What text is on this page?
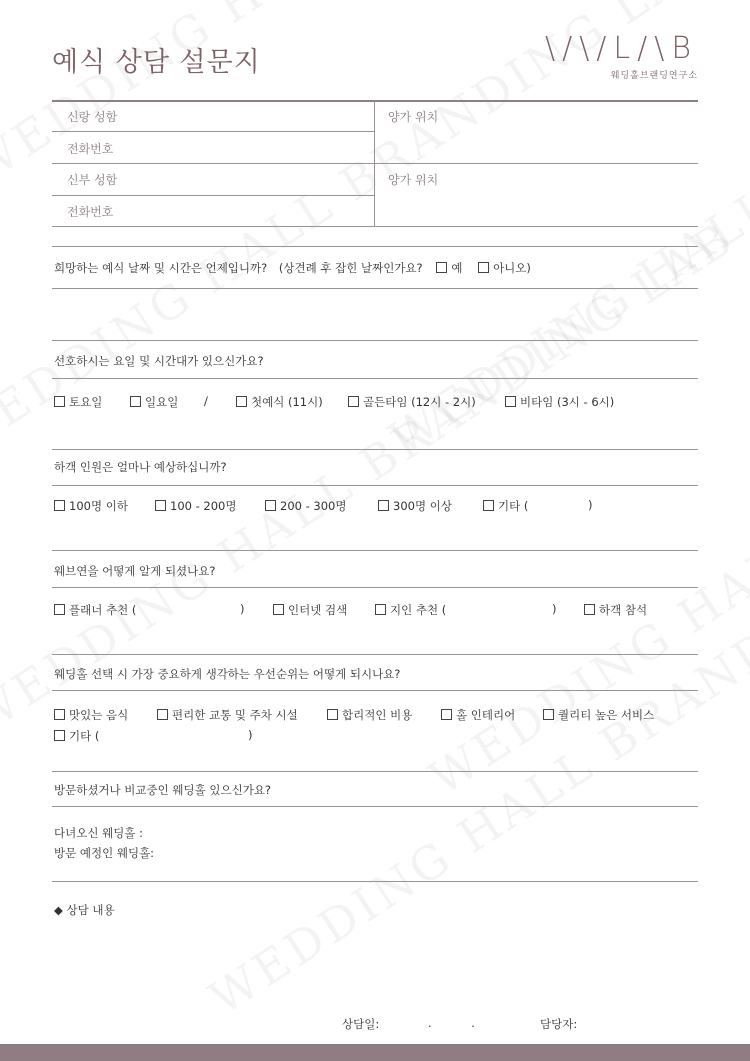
예식 상담 설문지	\/\/L/\B
웨딩홀브랜딩연구소
신랑 성함
전화번호
양가 위치
신부 성함
전화번호
양가 위치
희망하는 예식 날짜 및 시간은 언제입니까? (상견례 후 잡힌 날짜인가요? 예	아니오)
선호하시는 요일 및 시간대가 있으신가요?
토요일	일요일 /	첫예식 (11시)	골든타임 (12시 - 2시)	비타임 (3시 - 6시)
하객 인원은 얼마나 예상하십니까?
100명 이하	100 - 200명	200 - 300명	300명 이상	기타 (	)
웨브연을 어떻게 알게 되셨나요?
플래너 추천 (	)	인터넷 검색	지인 추천 (	)	하객 참석
웨딩홀 선택 시 가장 중요하게 생각하는 우선순위는 어떻게 되시나요?
맛있는 음식	편리한 교통 및 주차 시설	합리적인 비용	홀 인테리어	퀄리티 높은 서비스
기타 (	)
방문하셨거나 비교중인 웨딩홀 있으신가요?
다녀오신 웨딩홀 :
방문 예정인 웨딩홀:
◆ 상담 내용
상담일:	. .	담당자:
